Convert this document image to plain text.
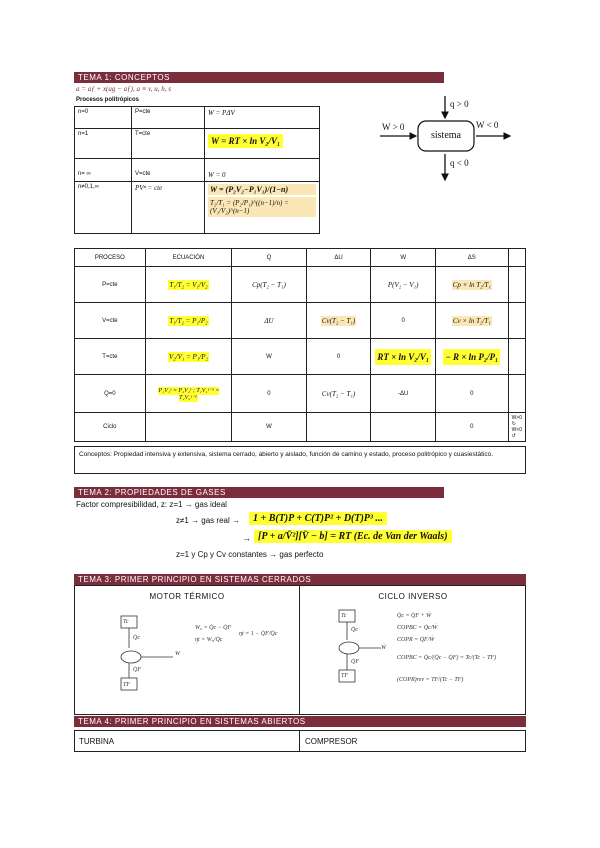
TEMA 1: CONCEPTOS
a = aƒ + x(ag − aƒ), a ≡ v, u, h, s
Procesos politrópicos
n=0	P=cte	W = PΔV
n=1	T=cte	W = RT × ln V₂/V₁
n= ∞	V=cte	W = 0
n≠0,1,∞	PVⁿ = cte	W = (P₂V₂−P₁V₁)/(1−n)
T₂/T₁ = (P₂/P₁)^((n−1)/n) = (V₁/V₂)^(n−1)
sistema
q > 0
q < 0
W > 0	W < 0
PROCESO	ECUACIÓN	Q	ΔU	W	ΔS	
P=cte	T₁/T₂ = V₁/V₂	Cp(T₂ − T₁)		P(V₂ − V₁)	Cp × ln T₂/T₁	
V=cte	T₁/T₂ = P₁/P₂	ΔU	Cv(T₂ − T₁)	0	Cv × ln T₂/T₁	
T=cte	V₂/V₁ = P₁/P₂	W	0	RT × ln V₂/V₁	− R × ln P₂/P₁	
Q=0	P₁V₁ᵞ = P₂V₂ᵞ ; T₁V₁ᵞ⁻¹ = T₂V₂ᵞ⁻¹	0	Cv(T₂ − T₁)	-ΔU	0	
Ciclo		W			0	W>0 ↻ W<0 ↺
Conceptos: Propiedad intensiva y extensiva, sistema cerrado, abierto y aislado, función de camino y estado, proceso politrópico y cuasiestático.
TEMA 2: PROPIEDADES DE GASES
Factor compresibilidad, z: z=1 → gas ideal
z≠1 → gas real →	1 + B(T)P + C(T)P² + D(T)P³ ...
→ [P + a/V̄²][V̄ − b] = RT (Ec. de Van der Waals)
z=1 y Cp y Cv constantes → gas perfecto
TEMA 3: PRIMER PRINCIPIO EN SISTEMAS CERRADOS
MOTOR TÉRMICO	CICLO INVERSO
Tc
Q̇c
W
Q̇F
TF
W₀ = Q̇c − Q̇F
ηt = W₀/Q̇c
ηt = 1 − Q̇F/Q̇c
Tc
Q̇c
Ẇ
Q̇F
TF
Q̇c = Q̇F + Ẇ
COPBC = Q̇c/Ẇ
COPR = Q̇F/Ẇ
COPBC = Q̇c/(Q̇c − Q̇F) = Tc/(Tc − TF)
(COPR)rev = TF/(Tc − TF)
TEMA 4: PRIMER PRINCIPIO EN SISTEMAS ABIERTOS
TURBINA	COMPRESOR
